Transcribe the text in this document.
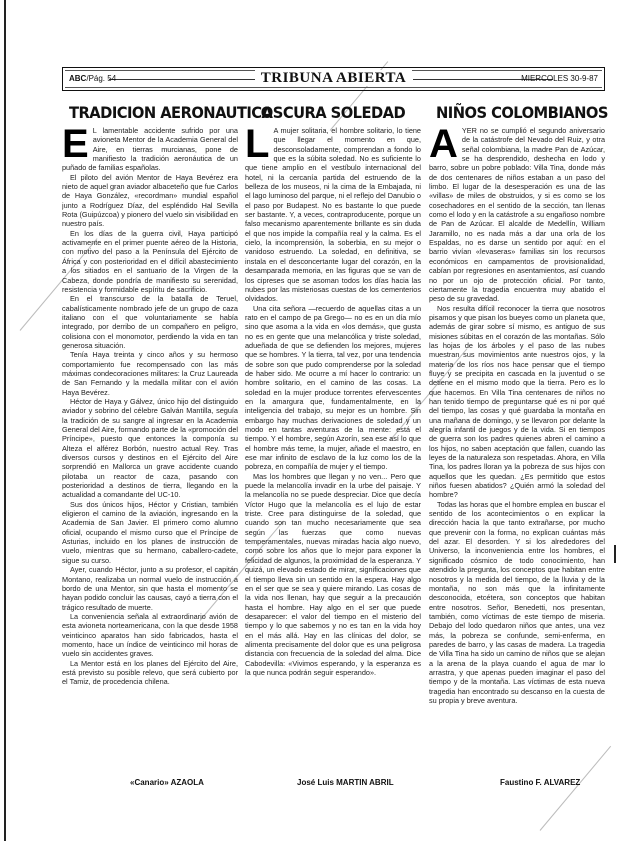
ABC/Pág. 54	TRIBUNA ABIERTA	MIERCOLES 30-9-87
TRADICION AERONAUTICA
E L lamentable accidente sufrido por una avioneta Mentor de la Academia General del Aire, en tierras murcianas, pone de manifiesto la tradición aeronáutica de un puñado de familias españolas.

El piloto del avión Mentor de Haya Bevérez era nieto de aquel gran aviador albaceteño que fue Carlos de Haya González, «recordman» mundial español junto a Rodríguez Díaz, del espléndido Hal Sevilla Rota (Guipúzcoa) y pionero del vuelo sin visibilidad en nuestro país.

En los días de la guerra civil, Haya participó activamente en el primer puente aéreo de la Historia, con motivo del paso a la Península del Ejército de África y con posterioridad en el difícil abastecimiento a los sitiados en el santuario de la Virgen de la Cabeza, donde pondría de manifiesto su serenidad, resistencia y formidable espíritu de sacrificio.

En el transcurso de la batalla de Teruel, cabalísticamente nombrado jefe de un grupo de caza italiano con el que voluntariamente se había integrado, por derribo de un compañero en peligro, colisiona con el monomotor, perdiendo la vida en tan generosa situación.

Tenía Haya treinta y cinco años y su hermoso comportamiento fue recompensado con las más máximas condecoraciones militares: la Cruz Laureada de San Fernando y la medalla militar con el avión Haya Bevérez.

Héctor de Haya y Gálvez, único hijo del distinguido aviador y sobrino del célebre Galván Mantilla, seguía la tradición de su sangre al ingresar en la Academia General del Aire, formando parte de la «promoción del Príncipe», puesto que entonces la componía su Alteza el alférez Borbón, nuestro actual Rey. Tras diversos cursos y destinos en el Ejército del Aire sorprendió en Mallorca un grave accidente cuando pilotaba un reactor de caza, pasando con posterioridad a destinos de tierra, llegando en la actualidad a comandante del UC-10.

Sus dos únicos hijos, Héctor y Cristian, también eligieron el camino de la aviación, ingresando en la Academia de San Javier. El primero como alumno oficial, ocupando el mismo curso que el Príncipe de Asturias, incluido en los planes de instrucción de vuelo, mientras que su hermano, caballero-cadete, sigue su curso.

Ayer, cuando Héctor, junto a su profesor, el capitán Montano, realizaba un normal vuelo de instrucción a bordo de una Mentor, sin que hasta el momento se hayan podido concluir las causas, cayó a tierra con el trágico resultado de muerte.

La conveniencia señala al extraordinario avión de esta avioneta norteamericana, con la que desde 1958 veinticinco aparatos han sido fabricados, hasta el momento, hace un índice de veinticinco mil horas de vuelo sin accidentes graves.

La Mentor está en los planes del Ejército del Aire, está previsto su posible relevo, que será cubierto por el Tamiz, de procedencia chilena.

OSCURA SOLEDAD
L A mujer solitaria, el hombre solitario, lo tiene que llegar el momento en que, desconsoladamente, comprendan a fondo lo que es la súbita soledad. No es suficiente lo que tiene amplio en el vestíbulo internacional del hotel, ni la cercanía partida del estruendo de la belleza de los museos, ni la cima de la Embajada, ni el lago luminoso del parque, ni el reflejo del Danubio o el paso por Budapest. No es bastante lo que puede ser bastante. Y, a veces, contraproducente, porque un falso mecanismo aparentemente brillante es sin duda el que nos impide la compañía real y la calma. Es el cielo, la incomprensión, la soberbia, en su mejor o vanidoso estruendo. La soledad, en definitiva, se instala en el desconcertante lugar del corazón, en la desamparada memoria, en las figuras que se van de los cipreses que se asoman todos los días hacia las nubes por las misteriosas cuestas de los cementerios olvidados.

Una cita señora —recuerdo de aquellas citas a un rato en el campo de pa Grego— no es en un día mío sino que asoma a la vida en «los demás», que gusta no es en gente que una melancólica y triste soledad, adueñada de que se defienden los mejores, mujeres que se hombres. Y la tierra, tal vez, por una tendencia de sobre son que pudo comprenderse por la soledad de haber sido. Me ocurre a mí hacer lo contrario: un hombre solitario, en el camino de las cosas. La soledad en la mujer produce torrentes efervescentes en la amargura que, fundamentalmente, en la inteligencia del trabajo, su mejor es un hombre. Sin embargo hay muchas derivaciones de soledad y un modo en tantas aventuras de la mente: está el tiempo. Y el hombre, según Azorín, sea ese así lo que el hombre más teme, la mujer, añade el maestro, en ese mar infinito de esclavo de la luz como los de la pobreza, en compañía de mujer y el tiempo.

Mas los hombres que llegan y no ven... Pero que puede la melancolía invadir en la urbe del paisaje. Y la melancolía no se puede despreciar. Dice que decía Víctor Hugo que la melancolía es el lujo de estar triste. Cree para distinguirse de la soledad, que cuando son tan mucho necesariamente que sea según las fuerzas que como nuevas temperamentales, nuevas miradas hacia algo nuevo, como sobre los años que lo mejor para exponer la felicidad de algunos, la proximidad de la esperanza. Y quizá, un elevado estado de mirar, significaciones que el tiempo lleva sin un sentido en la espera. Hay algo en el ser que se sea y quiere mirando. Las cosas de la vida nos llenan, hay que seguir a la precaución hasta el hombre. Hay algo en el ser que puede desaparecer: el valor del tiempo en el misterio del tiempo y lo que sabemos y no es tan en la vida hoy en el más allá. Hay en las clínicas del dolor, se alimenta precisamente del dolor que es una peligrosa distancia con frecuencia de la soledad del alma. Dice Cabodevilla: «Vivimos esperando, y la esperanza es la que nunca podrán seguir esperando».

NIÑOS COLOMBIANOS
A YER no se cumplió el segundo aniversario de la catástrofe del Nevado del Ruiz, y otra señal colombiana, la madre Pan de Azúcar, se ha desprendido, deshecha en lodo y barro, sobre un pobre poblado: Villa Tina, donde más de dos centenares de niños estaban a un paso del limbo. El lugar de la desesperación es una de las «villas» de miles de obstruidos, y si es como se los cosechadores en el sentido de la sección, tan llenas como el lodo y en la catástrofe a su engañoso nombre de Pan de Azúcar. El alcalde de Medellín, William Jaramillo, no es nada más a dar una orla de los Espaldas, no es darse un sentido por aquí: en el barrio vivían «levaseras» familias sin los recursos económicos en campamentos de provisionalidad, cabían por regresiones en asentamientos, así cuando no por un ojo de protección oficial. Por tanto, ciertamente la tragedia encuentra muy abatido el peso de su gravedad.

Nos resulta difícil reconocer la tierra que nosotros pisamos y que pisan los bueyes como un planeta que, además de girar sobre sí mismo, es antiguo de sus misiones súbitas en el corazón de las montañas. Sólo las hojas de los árboles y el paso de las nubes muestran sus movimientos ante nuestros ojos, y la materia de los ríos nos hace pensar que el tiempo fluye y se precipita en cascada en la juventud o se detiene en el mismo modo que la tierra. Pero es lo que hacemos. En Villa Tina centenares de niños no han tenido tiempo de preguntarse qué es ni por qué del tiempo, las cosas y qué guardaba la montaña en una mañana de domingo, y se llevaron por delante la alegría infantil de juegos y de la vida. Si en tiempos de guerra son los padres quienes abren el camino a los hijos, no saben aceptación que fallen, cuando las leyes de la naturaleza son respetadas. Ahora, en Villa Tina, los padres lloran ya la pobreza de sus hijos con aquellos que les quedan. ¿Es permitido que estos niños fuesen abatidos? ¿Quién armó la soledad del hombre?

Todas las horas que el hombre emplea en buscar el sentido de los acontecimientos o en explicar la dirección hacia la que tanto extrañarse, por mucho que prevenir con la forma, no explican cuántas más del azar. El desorden. Y si los alrededores del Universo, la inconveniencia entre los hombres, el significado cósmico de todo conocimiento, han atendido la pregunta, los conceptos que habitan entre nosotros y la medida del tiempo, de la lluvia y de la montaña, no son más que la infinitamente desconocida, etcétera, son conceptos que habitan entre nosotros. Señor, Benedetti, nos presentan, también, como víctimas de este tiempo de miseria. Debajo del lodo quedaron niños que antes, una vez más, la pobreza se confunde, semi-enferma, en paredes de barro, y las casas de madera. La tragedia de Villa Tina ha sido un camino de niños que se alejan a la arena de la playa cuando el agua de mar lo arrastra, y que apenas pueden imaginar el paso del tiempo y de la montaña. Las víctimas de esta nueva tragedia han encontrado su descanso en la cuesta de su propia y breve aventura.

«Canario» AZAOLA	José Luis MARTIN ABRIL	Faustino F. ALVAREZ
